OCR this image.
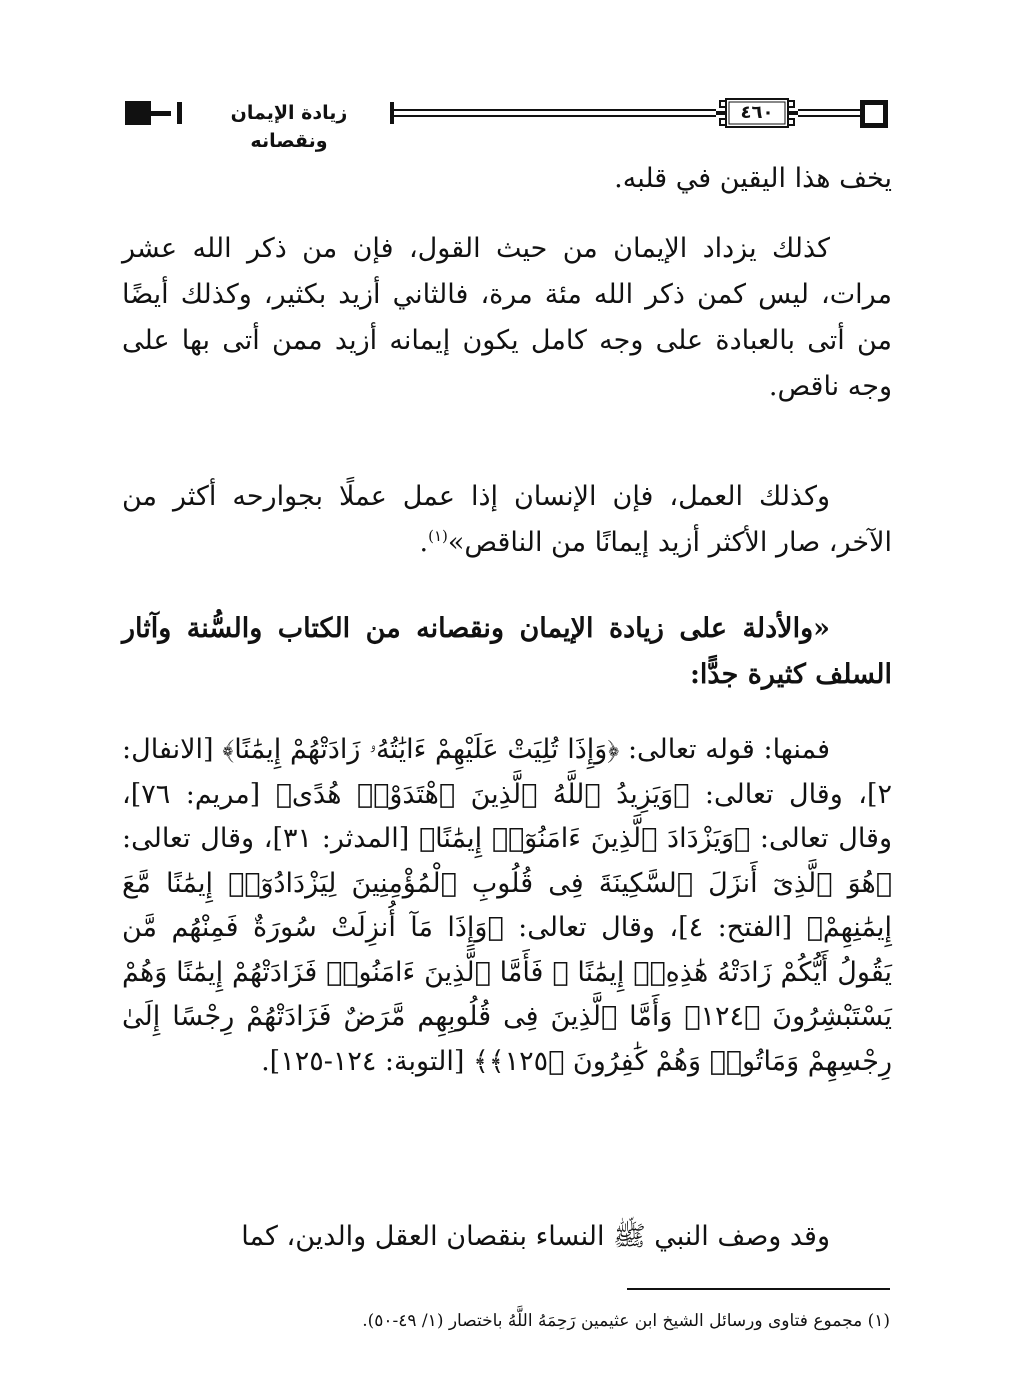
زيادة الإيمان ونقصانه
٤٦٠
يخف هذا اليقين في قلبه.
كذلك يزداد الإيمان من حيث القول، فإن من ذكر الله عشر مرات، ليس كمن ذكر الله مئة مرة، فالثاني أزيد بكثير، وكذلك أيضًا من أتى بالعبادة على وجه كامل يكون إيمانه أزيد ممن أتى بها على وجه ناقص.
وكذلك العمل، فإن الإنسان إذا عمل عملًا بجوارحه أكثر من الآخر، صار الأكثر أزيد إيمانًا من الناقص»$^{(١)}$.
«والأدلة على زيادة الإيمان ونقصانه من الكتاب والسُّنة وآثار السلف كثيرة جدًّا:
فمنها: قوله تعالى: ﴿وَإِذَا تُلِيَتْ عَلَيْهِمْ ءَايَٰتُهُۥ زَادَتْهُمْ إِيمَٰنًا﴾ [الانفال: ٢]، وقال تعالى: ﴿وَيَزِيدُ ٱللَّهُ ٱلَّذِينَ ٱهْتَدَوْا۟ هُدًى﴾ [مريم: ٧٦]، وقال تعالى: ﴿وَيَزْدَادَ ٱلَّذِينَ ءَامَنُوٓا۟ إِيمَٰنًا﴾ [المدثر: ٣١]، وقال تعالى: ﴿هُوَ ٱلَّذِىٓ أَنزَلَ ٱلسَّكِينَةَ فِى قُلُوبِ ٱلْمُؤْمِنِينَ لِيَزْدَادُوٓا۟ إِيمَٰنًا مَّعَ إِيمَٰنِهِمْ﴾ [الفتح: ٤]، وقال تعالى: ﴿وَإِذَا مَآ أُنزِلَتْ سُورَةٌ فَمِنْهُم مَّن يَقُولُ أَيُّكُمْ زَادَتْهُ هَٰذِهِۦٓ إِيمَٰنًا ۚ فَأَمَّا ٱلَّذِينَ ءَامَنُوا۟ فَزَادَتْهُمْ إِيمَٰنًا وَهُمْ يَسْتَبْشِرُونَ ﴿١٢٤﴾ وَأَمَّا ٱلَّذِينَ فِى قُلُوبِهِم مَّرَضٌ فَزَادَتْهُمْ رِجْسًا إِلَىٰ رِجْسِهِمْ وَمَاتُوا۟ وَهُمْ كَٰفِرُونَ ﴿١٢٥﴾﴾ [التوبة: ١٢٤-١٢٥].
وقد وصف النبي ﷺ النساء بنقصان العقل والدين، كما
(١) مجموع فتاوى ورسائل الشيخ ابن عثيمين رَحِمَهُ اللَّهُ باختصار (١/ ٤٩-٥٠).
